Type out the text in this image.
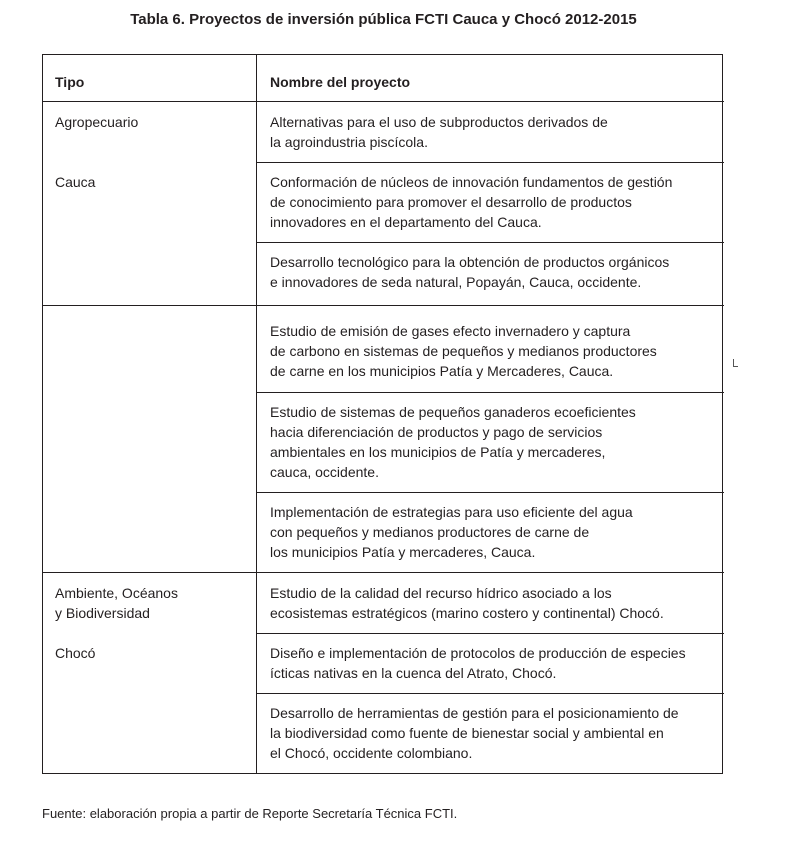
Tabla 6. Proyectos de inversión pública FCTI Cauca y Chocó 2012-2015
Tipo	Nombre del proyecto
Agropecuario
Cauca
Ambiente, Océanos
y Biodiversidad
Chocó
Alternativas para el uso de subproductos derivados de
la agroindustria piscícola.
Conformación de núcleos de innovación fundamentos de gestión
de conocimiento para promover el desarrollo de productos
innovadores en el departamento del Cauca.
Desarrollo tecnológico para la obtención de productos orgánicos
e innovadores de seda natural, Popayán, Cauca, occidente.
Estudio de emisión de gases efecto invernadero y captura
de carbono en sistemas de pequeños y medianos productores
de carne en los municipios Patía y Mercaderes, Cauca.
Estudio de sistemas de pequeños ganaderos ecoeficientes
hacia diferenciación de productos y pago de servicios
ambientales en los municipios de Patía y mercaderes,
cauca, occidente.
Implementación de estrategias para uso eficiente del agua
con pequeños y medianos productores de carne de
los municipios Patía y mercaderes, Cauca.
Estudio de la calidad del recurso hídrico asociado a los
ecosistemas estratégicos (marino costero y continental) Chocó.
Diseño e implementación de protocolos de producción de especies
ícticas nativas en la cuenca del Atrato, Chocó.
Desarrollo de herramientas de gestión para el posicionamiento de
la biodiversidad como fuente de bienestar social y ambiental en
el Chocó, occidente colombiano.
Fuente: elaboración propia a partir de Reporte Secretaría Técnica FCTI.
